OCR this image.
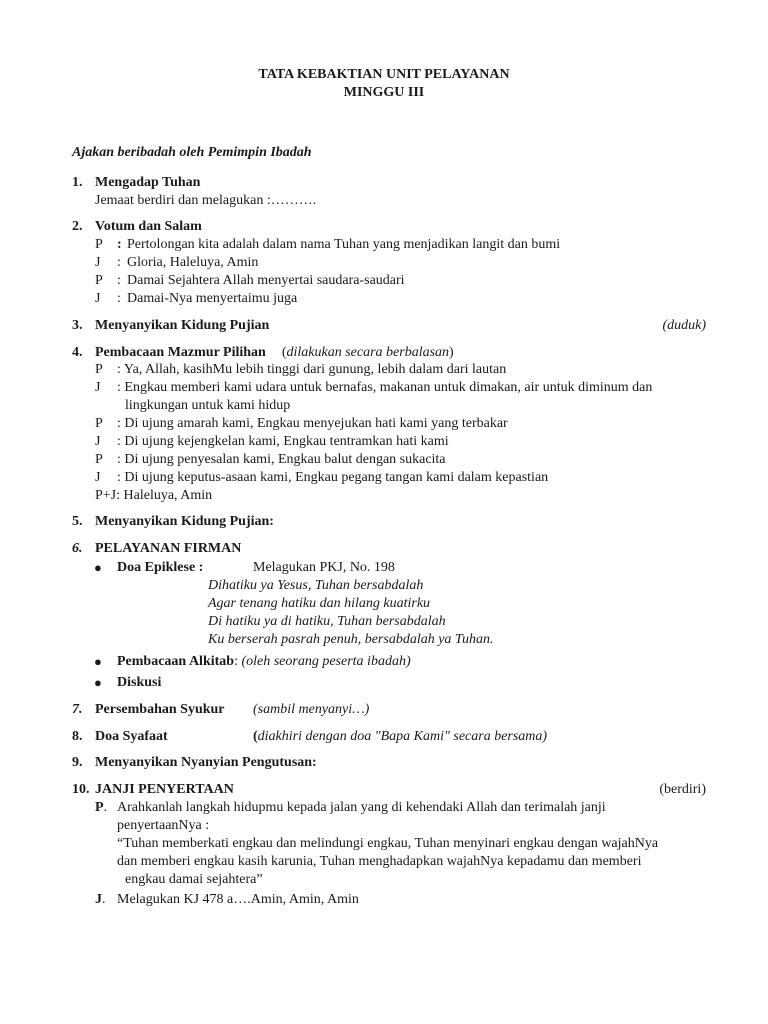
TATA KEBAKTIAN UNIT PELAYANAN
MINGGU III
Ajakan beribadah oleh Pemimpin Ibadah
1. Mengadap Tuhan
Jemaat berdiri dan melagukan :……….
2. Votum dan Salam
P : Pertolongan kita adalah dalam nama Tuhan yang menjadikan langit dan bumi
J : Gloria, Haleluya, Amin
P : Damai Sejahtera Allah menyertai saudara-saudari
J : Damai-Nya menyertaimu juga
3. Menyanyikan Kidung Pujian	(duduk)
4. Pembacaan Mazmur Pilihan (dilakukan secara berbalasan)
P : Ya, Allah, kasihMu lebih tinggi dari gunung, lebih dalam dari lautan
J : Engkau memberi kami udara untuk bernafas, makanan untuk dimakan, air untuk diminum dan
lingkungan untuk kami hidup
P : Di ujung amarah kami, Engkau menyejukan hati kami yang terbakar
J : Di ujung kejengkelan kami, Engkau tentramkan hati kami
P : Di ujung penyesalan kami, Engkau balut dengan sukacita
J : Di ujung keputus-asaan kami, Engkau pegang tangan kami dalam kepastian
P+J: Haleluya, Amin
5. Menyanyikan Kidung Pujian:
6. PELAYANAN FIRMAN
● Doa Epiklese :	Melagukan PKJ, No. 198
Dihatiku ya Yesus, Tuhan bersabdalah
Agar tenang hatiku dan hilang kuatirku
Di hatiku ya di hatiku, Tuhan bersabdalah
Ku berserah pasrah penuh, bersabdalah ya Tuhan.
● Pembacaan Alkitab: (oleh seorang peserta ibadah)
● Diskusi
7. Persembahan Syukur (sambil menyanyi…)
8. Doa Syafaat	(diakhiri dengan doa "Bapa Kami" secara bersama)
9. Menyanyikan Nyanyian Pengutusan:
10. JANJI PENYERTAAN	(berdiri)
P. Arahkanlah langkah hidupmu kepada jalan yang di kehendaki Allah dan terimalah janji
penyertaanNya :
“Tuhan memberkati engkau dan melindungi engkau, Tuhan menyinari engkau dengan wajahNya
dan memberi engkau kasih karunia, Tuhan menghadapkan wajahNya kepadamu dan memberi
engkau damai sejahtera”
J. Melagukan KJ 478 a….Amin, Amin, Amin
